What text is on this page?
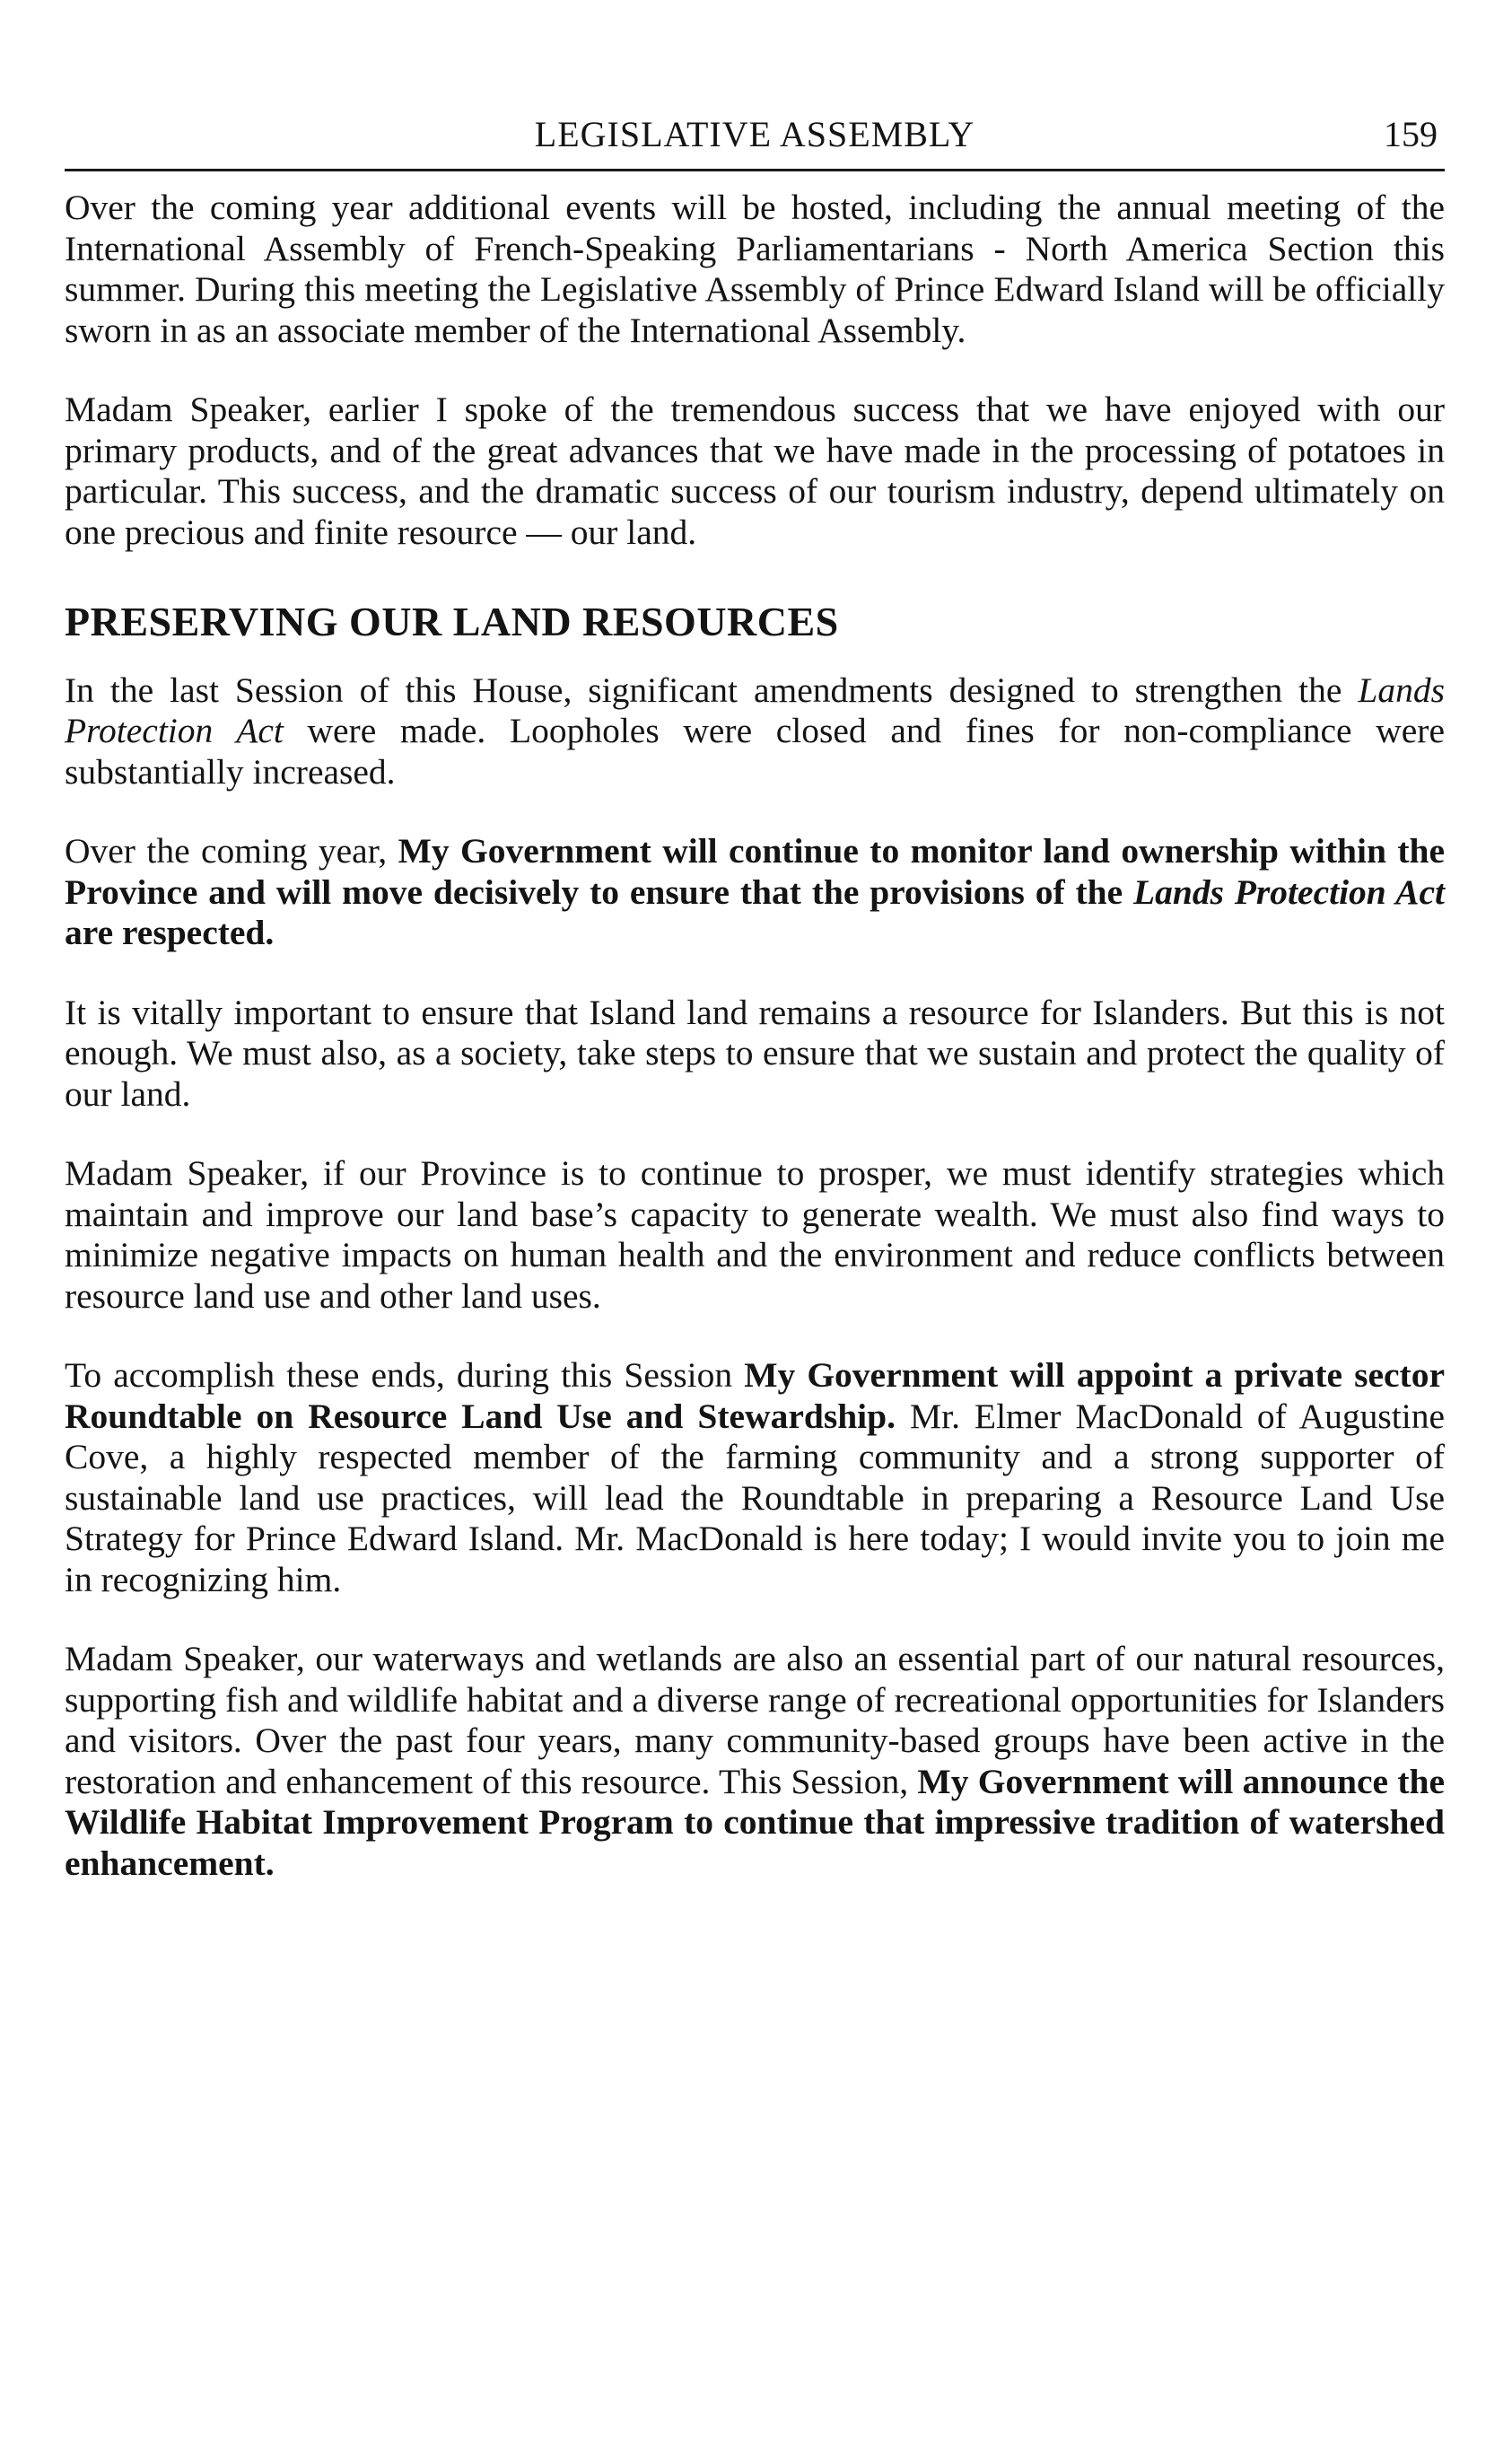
LEGISLATIVE ASSEMBLY	159

Over the coming year additional events will be hosted, including the annual meeting of the International Assembly of French-Speaking Parliamentarians - North America Section this summer. During this meeting the Legislative Assembly of Prince Edward Island will be officially sworn in as an associate member of the International Assembly.

Madam Speaker, earlier I spoke of the tremendous success that we have enjoyed with our primary products, and of the great advances that we have made in the processing of potatoes in particular. This success, and the dramatic success of our tourism industry, depend ultimately on one precious and finite resource — our land.

PRESERVING OUR LAND RESOURCES

In the last Session of this House, significant amendments designed to strengthen the Lands Protection Act were made. Loopholes were closed and fines for non-compliance were substantially increased.

Over the coming year, My Government will continue to monitor land ownership within the Province and will move decisively to ensure that the provisions of the Lands Protection Act are respected.

It is vitally important to ensure that Island land remains a resource for Islanders. But this is not enough. We must also, as a society, take steps to ensure that we sustain and protect the quality of our land.

Madam Speaker, if our Province is to continue to prosper, we must identify strategies which maintain and improve our land base’s capacity to generate wealth. We must also find ways to minimize negative impacts on human health and the environment and reduce conflicts between resource land use and other land uses.

To accomplish these ends, during this Session My Government will appoint a private sector Roundtable on Resource Land Use and Stewardship. Mr. Elmer MacDonald of Augustine Cove, a highly respected member of the farming community and a strong supporter of sustainable land use practices, will lead the Roundtable in preparing a Resource Land Use Strategy for Prince Edward Island. Mr. MacDonald is here today; I would invite you to join me in recognizing him.

Madam Speaker, our waterways and wetlands are also an essential part of our natural resources, supporting fish and wildlife habitat and a diverse range of recreational opportunities for Islanders and visitors. Over the past four years, many community-based groups have been active in the restoration and enhancement of this resource. This Session, My Government will announce the Wildlife Habitat Improvement Program to continue that impressive tradition of watershed enhancement.
